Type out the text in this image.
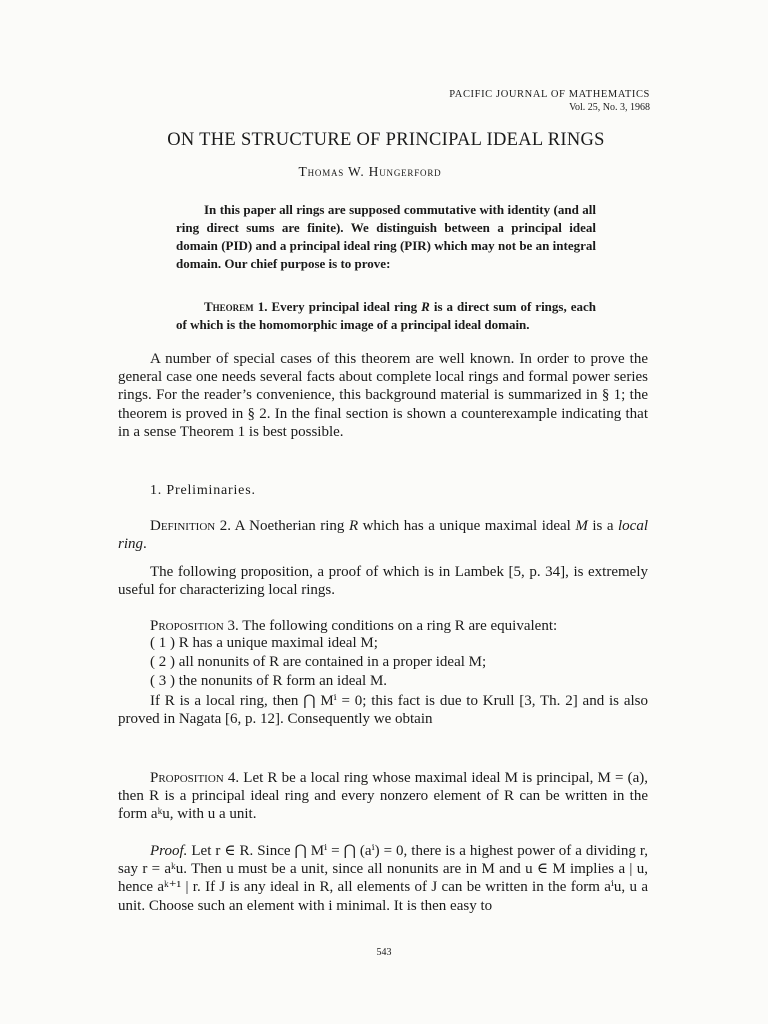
PACIFIC JOURNAL OF MATHEMATICS
Vol. 25, No. 3, 1968
ON THE STRUCTURE OF PRINCIPAL IDEAL RINGS
Thomas W. Hungerford
In this paper all rings are supposed commutative with identity (and all ring direct sums are finite). We distinguish between a principal ideal domain (PID) and a principal ideal ring (PIR) which may not be an integral domain. Our chief purpose is to prove:
Theorem 1. Every principal ideal ring R is a direct sum of rings, each of which is the homomorphic image of a principal ideal domain.
A number of special cases of this theorem are well known. In order to prove the general case one needs several facts about complete local rings and formal power series rings. For the reader’s convenience, this background material is summarized in § 1; the theorem is proved in § 2. In the final section is shown a counterexample indicating that in a sense Theorem 1 is best possible.
1. Preliminaries.
Definition 2. A Noetherian ring R which has a unique maximal ideal M is a local ring.
The following proposition, a proof of which is in Lambek [5, p. 34], is extremely useful for characterizing local rings.
Proposition 3. The following conditions on a ring R are equivalent:
( 1 ) R has a unique maximal ideal M;
( 2 ) all nonunits of R are contained in a proper ideal M;
( 3 ) the nonunits of R form an ideal M.
If R is a local ring, then ⋂ Mⁱ = 0; this fact is due to Krull [3, Th. 2] and is also proved in Nagata [6, p. 12]. Consequently we obtain
Proposition 4. Let R be a local ring whose maximal ideal M is principal, M = (a), then R is a principal ideal ring and every nonzero element of R can be written in the form aᵏu, with u a unit.
Proof. Let r ∈ R. Since ⋂ Mⁱ = ⋂ (aⁱ) = 0, there is a highest power of a dividing r, say r = aᵏu. Then u must be a unit, since all nonunits are in M and u ∈ M implies a | u, hence aᵏ⁺¹ | r. If J is any ideal in R, all elements of J can be written in the form aⁱu, u a unit. Choose such an element with i minimal. It is then easy to
543
